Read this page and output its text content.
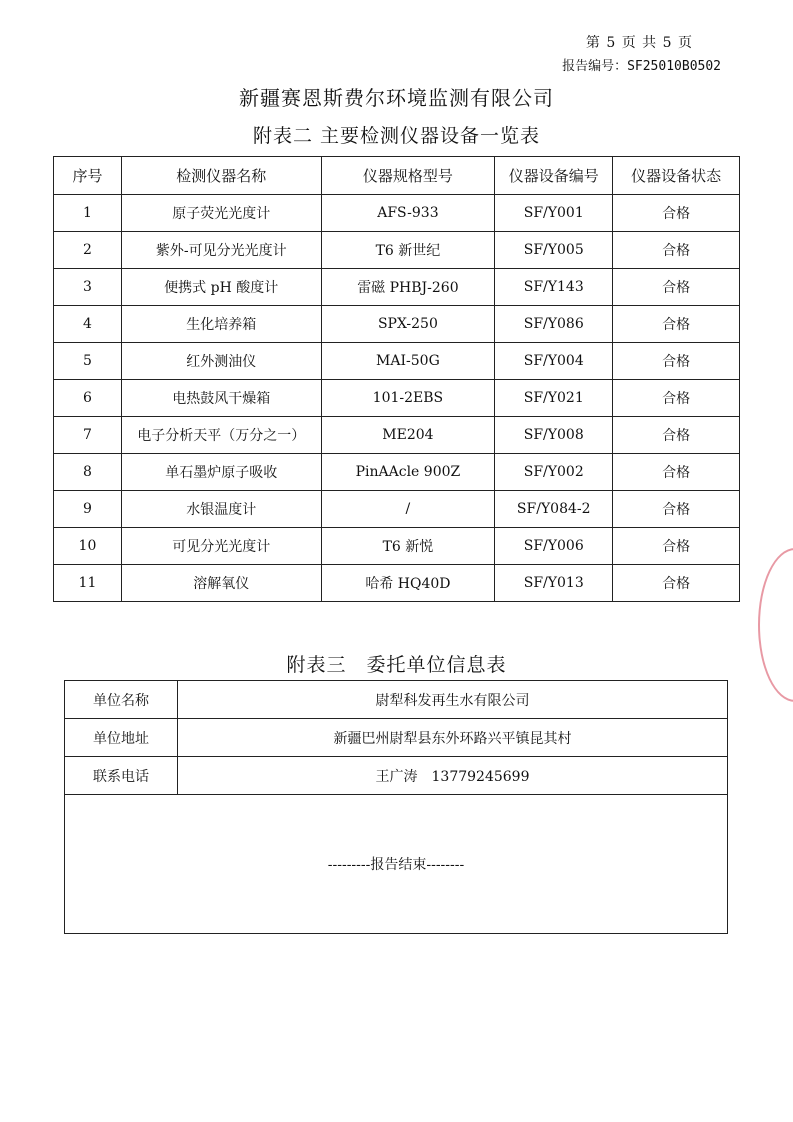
第 5 页 共 5 页
报告编号：SF25010B0502
新疆赛恩斯费尔环境监测有限公司
附表二 主要检测仪器设备一览表
序号	检测仪器名称	仪器规格型号	仪器设备编号	仪器设备状态
1	原子荧光光度计	AFS-933	SF/Y001	合格
2	紫外-可见分光光度计	T6 新世纪	SF/Y005	合格
3	便携式 pH 酸度计	雷磁 PHBJ-260	SF/Y143	合格
4	生化培养箱	SPX-250	SF/Y086	合格
5	红外测油仪	MAI-50G	SF/Y004	合格
6	电热鼓风干燥箱	101-2EBS	SF/Y021	合格
7	电子分析天平（万分之一）	ME204	SF/Y008	合格
8	单石墨炉原子吸收	PinAAcle 900Z	SF/Y002	合格
9	水银温度计	/	SF/Y084-2	合格
10	可见分光光度计	T6 新悦	SF/Y006	合格
11	溶解氧仪	哈希 HQ40D	SF/Y013	合格
附表三　委托单位信息表
单位名称	尉犁科发再生水有限公司
单位地址	新疆巴州尉犁县东外环路兴平镇昆其村
联系电话	王广涛　13779245699
---------报告结束--------	
